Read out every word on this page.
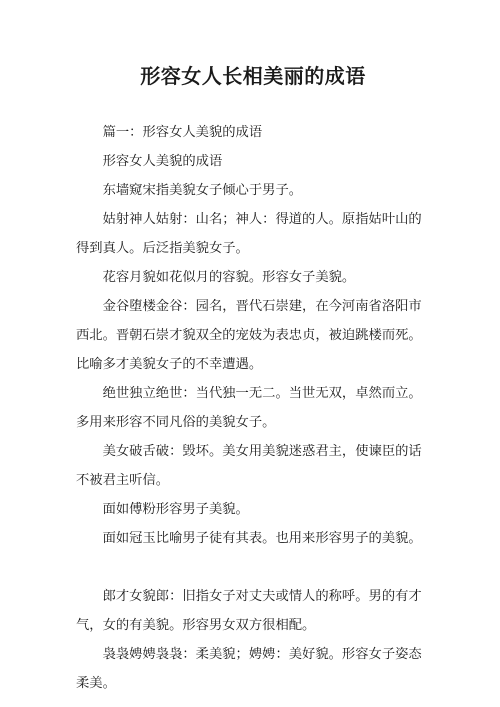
形容女人长相美丽的成语

篇一：形容女人美貌的成语

形容女人美貌的成语

东墙窥宋指美貌女子倾心于男子。

姑射神人姑射：山名；神人：得道的人。原指姑叶山的得到真人。后泛指美貌女子。

花容月貌如花似月的容貌。形容女子美貌。

金谷堕楼金谷：园名，晋代石崇建，在今河南省洛阳市西北。晋朝石崇才貌双全的宠妓为表忠贞，被迫跳楼而死。比喻多才美貌女子的不幸遭遇。

绝世独立绝世：当代独一无二。当世无双，卓然而立。多用来形容不同凡俗的美貌女子。

美女破舌破：毁坏。美女用美貌迷惑君主，使谏臣的话不被君主听信。

面如傅粉形容男子美貌。

面如冠玉比喻男子徒有其表。也用来形容男子的美貌。

郎才女貌郎：旧指女子对丈夫或情人的称呼。男的有才气，女的有美貌。形容男女双方很相配。

袅袅娉娉袅袅：柔美貌；娉娉：美好貌。形容女子姿态柔美。
